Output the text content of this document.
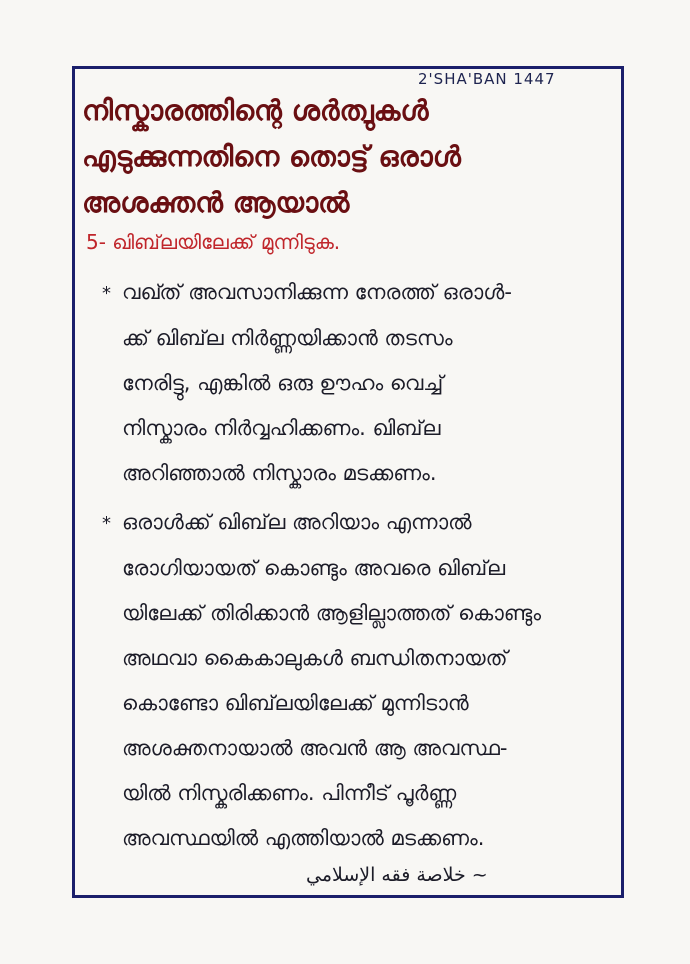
2'SHA'BAN 1447
നിസ്കാരത്തിന്റെ ശർത്വുകൾ
എടുക്കുന്നതിനെ തൊട്ട് ഒരാൾ
അശക്തൻ ആയാൽ
5- ഖിബ്‌ലയിലേക്ക് മുന്നിടുക.
* വഖ്ത് അവസാനിക്കുന്ന നേരത്ത് ഒരാൾ-
ക്ക് ഖിബ്‌ല നിർണ്ണയിക്കാൻ തടസം
നേരിട്ടു, എങ്കിൽ ഒരു ഊഹം വെച്ച്
നിസ്കാരം നിർവ്വഹിക്കണം. ഖിബ്‌ല
അറിഞ്ഞാൽ നിസ്കാരം മടക്കണം.
* ഒരാൾക്ക് ഖിബ്‌ല അറിയാം എന്നാൽ
രോഗിയായത് കൊണ്ടും അവരെ ഖിബ്‌ല
യിലേക്ക് തിരിക്കാൻ ആളില്ലാത്തത് കൊണ്ടും
അഥവാ കൈകാലുകൾ ബന്ധിതനായത്
കൊണ്ടോ ഖിബ്‌ലയിലേക്ക് മുന്നിടാൻ
അശക്തനായാൽ അവൻ ആ അവസ്ഥ-
യിൽ നിസ്കരിക്കണം. പിന്നീട് പൂർണ്ണ
അവസ്ഥയിൽ എത്തിയാൽ മടക്കണം.
~ خلاصة فقه الإسلامي
